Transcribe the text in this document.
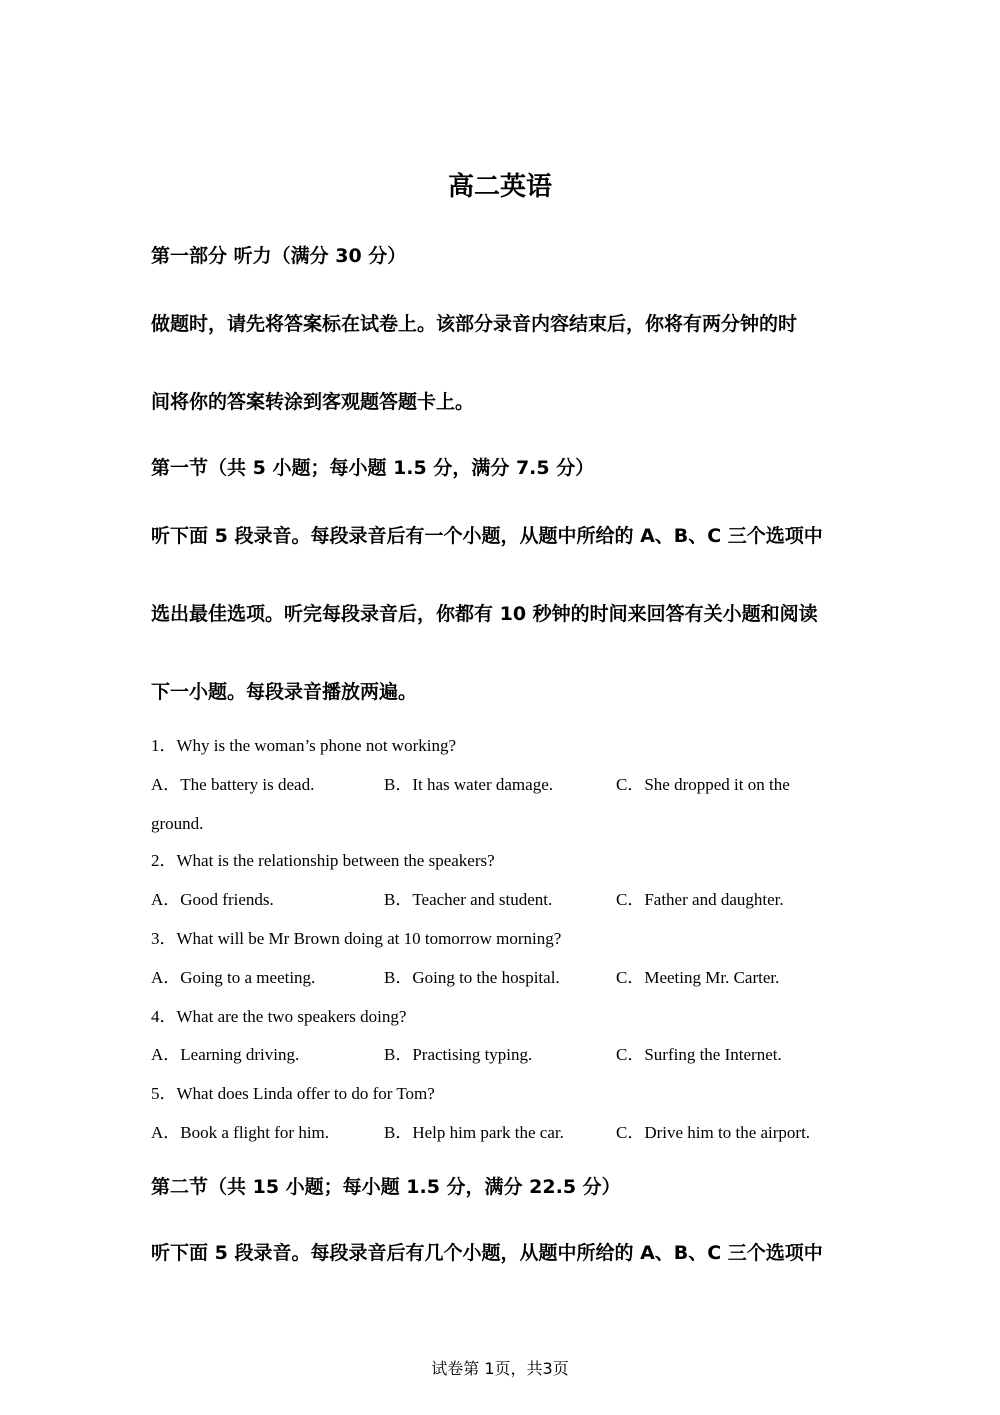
高二英语
第一部分 听力（满分 30 分）
做题时，请先将答案标在试卷上。该部分录音内容结束后，你将有两分钟的时
间将你的答案转涂到客观题答题卡上。
第一节（共 5 小题；每小题 1.5 分，满分 7.5 分）
听下面 5 段录音。每段录音后有一个小题，从题中所给的 A、B、C 三个选项中
选出最佳选项。听完每段录音后，你都有 10 秒钟的时间来回答有关小题和阅读
下一小题。每段录音播放两遍。
1．Why is the woman’s phone not working?
A．The battery is dead.	B．It has water damage.	C．She dropped it on the
ground.
2．What is the relationship between the speakers?
A．Good friends.	B．Teacher and student.	C．Father and daughter.
3．What will be Mr Brown doing at 10 tomorrow morning?
A．Going to a meeting.	B．Going to the hospital.	C．Meeting Mr. Carter.
4．What are the two speakers doing?
A．Learning driving.	B．Practising typing.	C．Surfing the Internet.
5．What does Linda offer to do for Tom?
A．Book a flight for him.	B．Help him park the car.	C．Drive him to the airport.
第二节（共 15 小题；每小题 1.5 分，满分 22.5 分）
听下面 5 段录音。每段录音后有几个小题，从题中所给的 A、B、C 三个选项中
试卷第 1页，共3页
